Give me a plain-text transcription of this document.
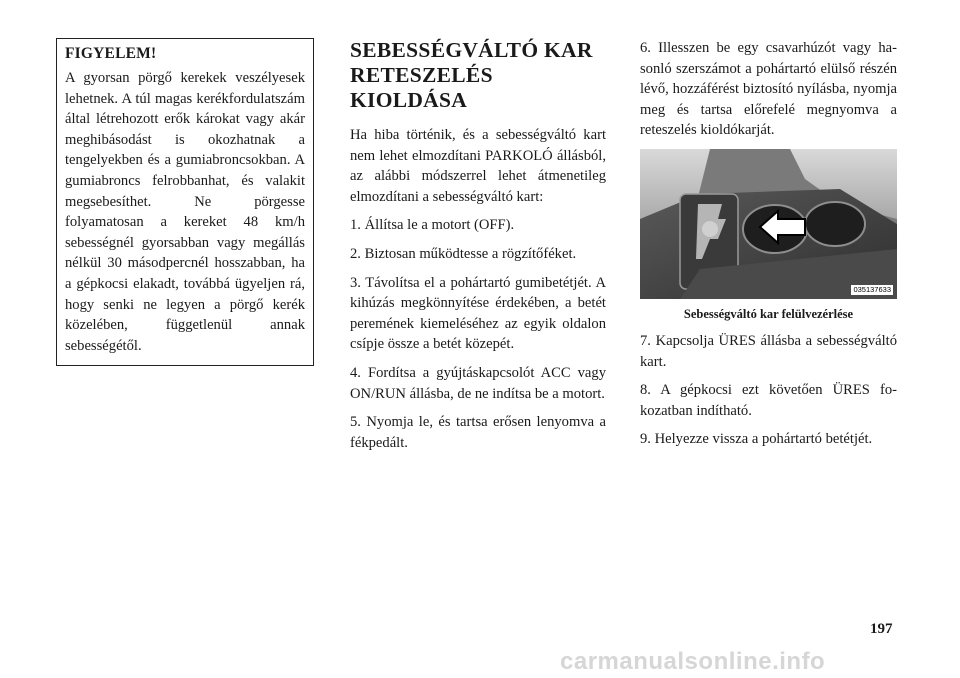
FIGYELEM!

A gyorsan pörgő kerekek veszélyesek lehetnek. A túl magas kerékfordulatszám által létrehozott erők károkat vagy akár meghibásodást is okozhatnak a tengelyekben és a gumiabroncsokban. A gumiabroncs felrobbanhat, és valakit megsebesíthet. Ne pörgesse folyamatosan a kereket 48 km/h sebességnél gyorsabban vagy megállás nélkül 30 másodpercnél hosszabban, ha a gépkocsi elakadt, továbbá ügyeljen rá, hogy senki ne legyen a pörgő kerék közelében, függetlenül annak sebességétől.

SEBESSÉGVÁLTÓ KAR
RETESZELÉS
KIOLDÁSA

Ha hiba történik, és a sebességváltó kart nem lehet elmozdítani PARKOLÓ állásból, az alábbi módszerrel lehet átmenetileg elmozdítani a sebességváltó kart:

1. Állítsa le a motort (OFF).

2. Biztosan működtesse a rögzítőféket.

3. Távolítsa el a pohártartó gumibetétjét. A kihúzás megkönnyítése érdekében, a betét peremének kiemeléséhez az egyik oldalon csípje össze a betét közepét.

4. Fordítsa a gyújtáskapcsolót ACC vagy ON/RUN állásba, de ne indítsa be a motort.

5. Nyomja le, és tartsa erősen lenyomva a fékpedált.

6. Illesszen be egy csavarhúzót vagy hasonló szerszámot a pohártartó elülső részén lévő, hozzáférést biztosító nyílásba, nyomja meg és tartsa előrefelé megnyomva a reteszelés kioldókarját.

035137633
Sebességváltó kar felülvezérlése

7. Kapcsolja ÜRES állásba a sebességváltó kart.

8. A gépkocsi ezt követően ÜRES fokozatban indítható.

9. Helyezze vissza a pohártartó betétjét.

197
carmanualsonline.info
